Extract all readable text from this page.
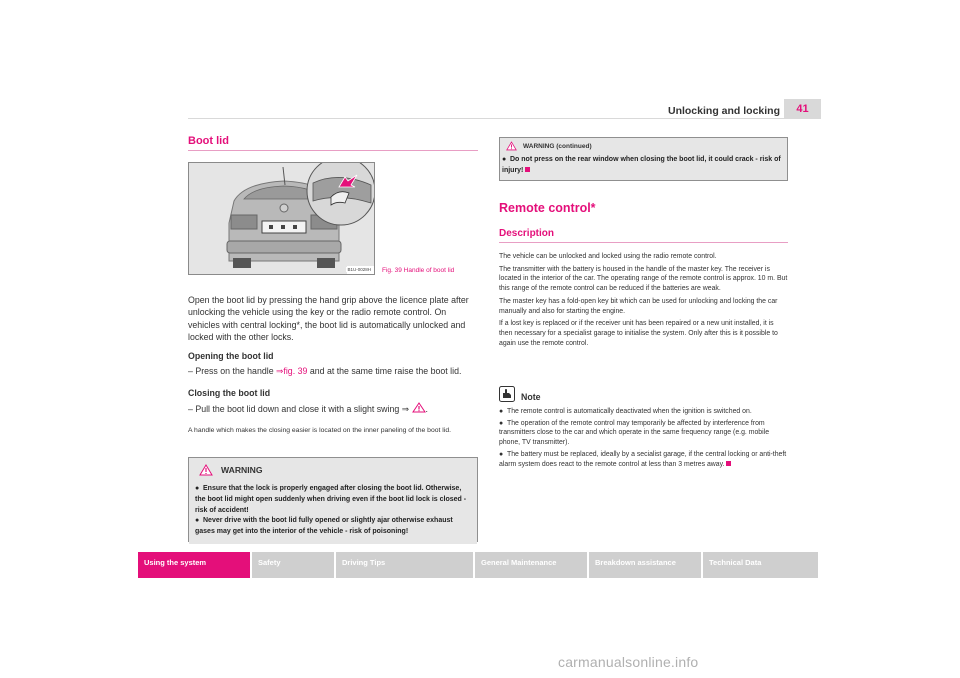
Unlocking and locking	41
Boot lid
B1U-0028H Fig. 39 Handle of boot lid
Open the boot lid by pressing the hand grip above the licence plate after unlocking the vehicle using the key or the radio remote control. On vehicles with central locking*, the boot lid is automatically unlocked and locked with the other locks.
Opening the boot lid
– Press on the handle ⇒fig. 39 and at the same time raise the boot lid.
Closing the boot lid
– Pull the boot lid down and close it with a slight swing ⇒ .
A handle which makes the closing easier is located on the inner paneling of the boot lid.
WARNING
● Ensure that the lock is properly engaged after closing the boot lid. Otherwise, the boot lid might open suddenly when driving even if the boot lid lock is closed - risk of accident!
● Never drive with the boot lid fully opened or slightly ajar otherwise exhaust gases may get into the interior of the vehicle - risk of poisoning!
WARNING (continued)
● Do not press on the rear window when closing the boot lid, it could crack - risk of injury!
Remote control*
Description

The vehicle can be unlocked and locked using the radio remote control.

The transmitter with the battery is housed in the handle of the master key. The receiver is located in the interior of the car. The operating range of the remote control is approx. 10 m. But this range of the remote control can be reduced if the batteries are weak.

The master key has a fold-open key bit which can be used for unlocking and locking the car manually and also for starting the engine.

If a lost key is replaced or if the receiver unit has been repaired or a new unit installed, it is then necessary for a specialist garage to initialise the system. Only after this is it possible to again use the remote control.

Note
● The remote control is automatically deactivated when the ignition is switched on.
● The operation of the remote control may temporarily be affected by interference from transmitters close to the car and which operate in the same frequency range (e.g. mobile phone, TV transmitter).
● The battery must be replaced, ideally by a secialist garage, if the central locking or anti-theft alarm system does react to the remote control at less than 3 metres away.
Using the system	Safety	Driving Tips	General Maintenance	Breakdown assistance	Technical Data
carmanualsonline.info
